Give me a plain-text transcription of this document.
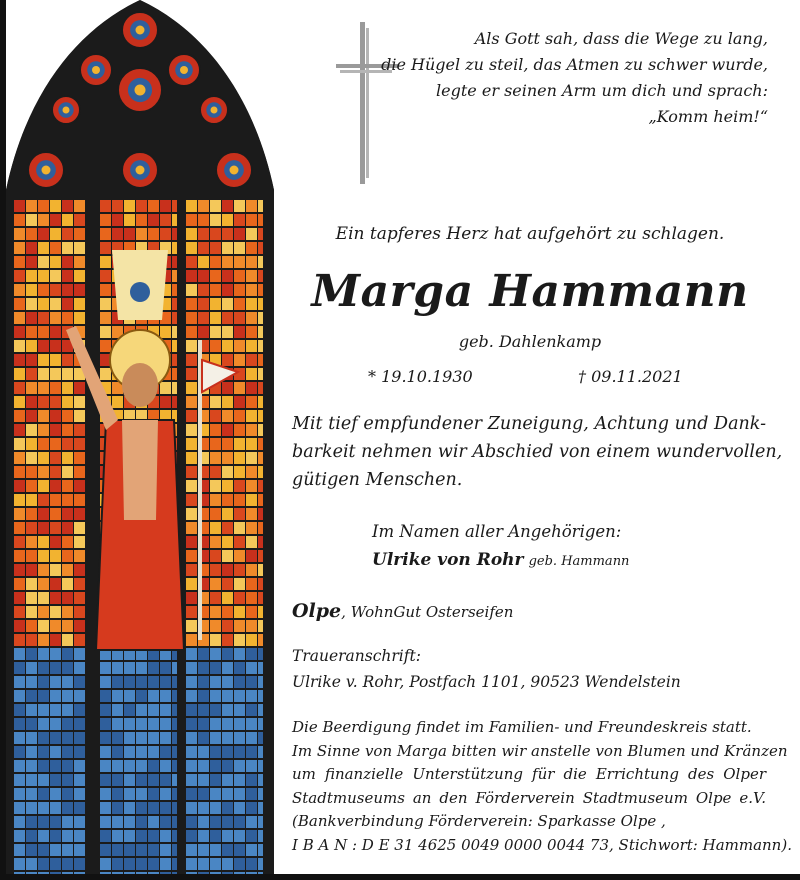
Als Gott sah, dass die Wege zu lang,
die Hügel zu steil, das Atmen zu schwer wurde,
legte er seinen Arm um dich und sprach:
„Komm heim!“
Ein tapferes Herz hat aufgehört zu schlagen.
Marga Hammann
geb. Dahlenkamp
* 19.10.1930	† 09.11.2021
Mit tief empfundener Zuneigung, Achtung und Dank-
barkeit nehmen wir Abschied von einem wundervollen,
gütigen Menschen.
Im Namen aller Angehörigen:
Ulrike von Rohr geb. Hammann
Olpe, WohnGut Osterseifen
Traueranschrift:
Ulrike v. Rohr, Postfach 1101, 90523 Wendelstein
Die Beerdigung findet im Familien- und Freundeskreis statt.
Im Sinne von Marga bitten wir anstelle von Blumen und Kränzen
um finanzielle Unterstützung für die Errichtung des Olper
Stadtmuseums an den Förderverein Stadtmuseum Olpe e.V.
(Bankverbindung Förderverein: Sparkasse Olpe ,
I B A N : D E 31 4625 0049 0000 0044 73, Stichwort: Hammann).
